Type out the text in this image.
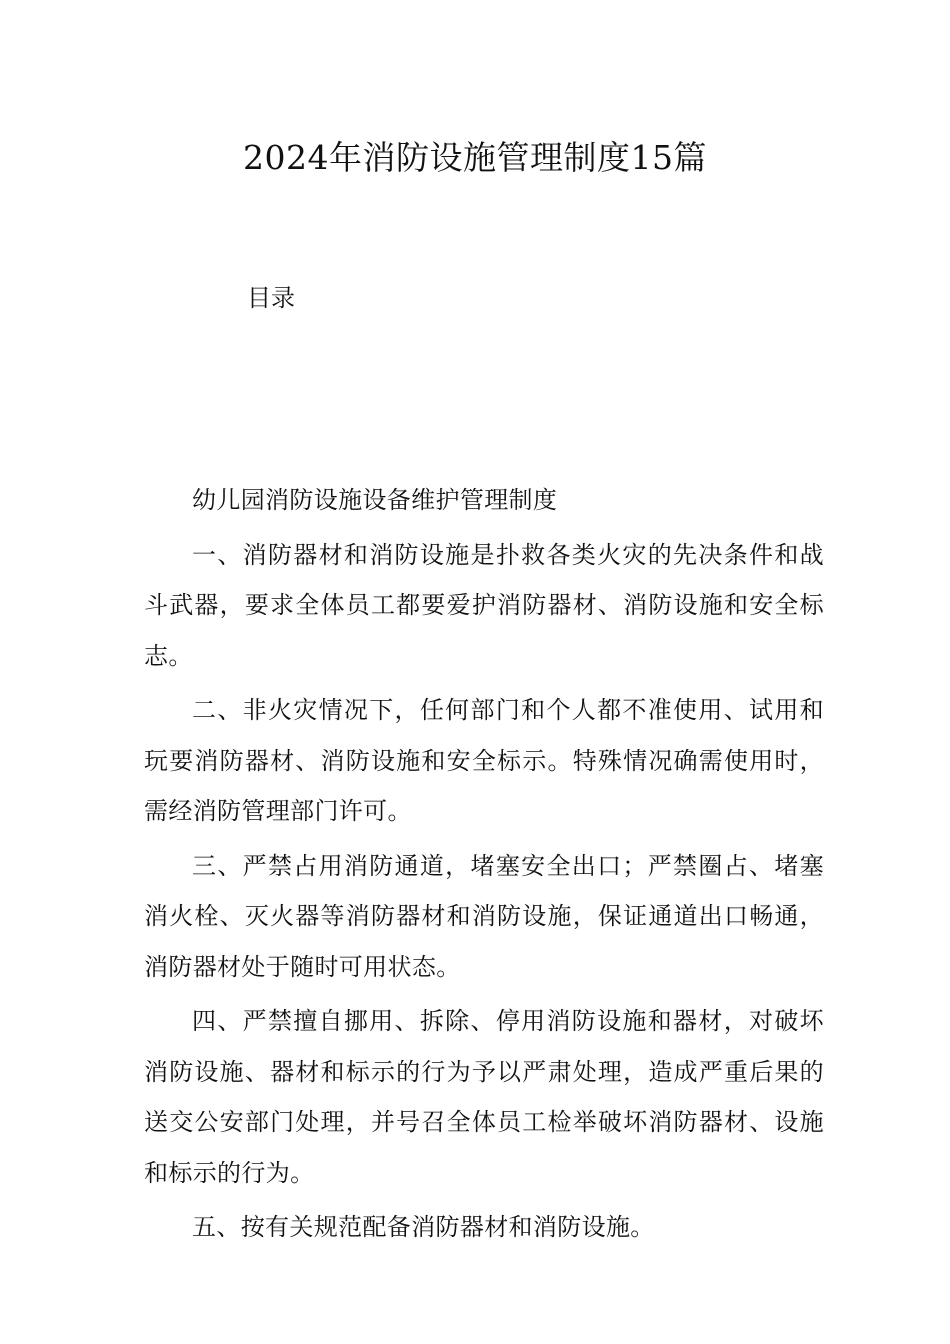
2024年消防设施管理制度15篇
目录

幼儿园消防设施设备维护管理制度

一、消防器材和消防设施是扑救各类火灾的先决条件和战斗武器，要求全体员工都要爱护消防器材、消防设施和安全标志。

二、非火灾情况下，任何部门和个人都不准使用、试用和玩要消防器材、消防设施和安全标示。特殊情况确需使用时，需经消防管理部门许可。

三、严禁占用消防通道，堵塞安全出口；严禁圈占、堵塞消火栓、灭火器等消防器材和消防设施，保证通道出口畅通，消防器材处于随时可用状态。

四、严禁擅自挪用、拆除、停用消防设施和器材，对破坏消防设施、器材和标示的行为予以严肃处理，造成严重后果的送交公安部门处理，并号召全体员工检举破坏消防器材、设施和标示的行为。

五、按有关规范配备消防器材和消防设施。
